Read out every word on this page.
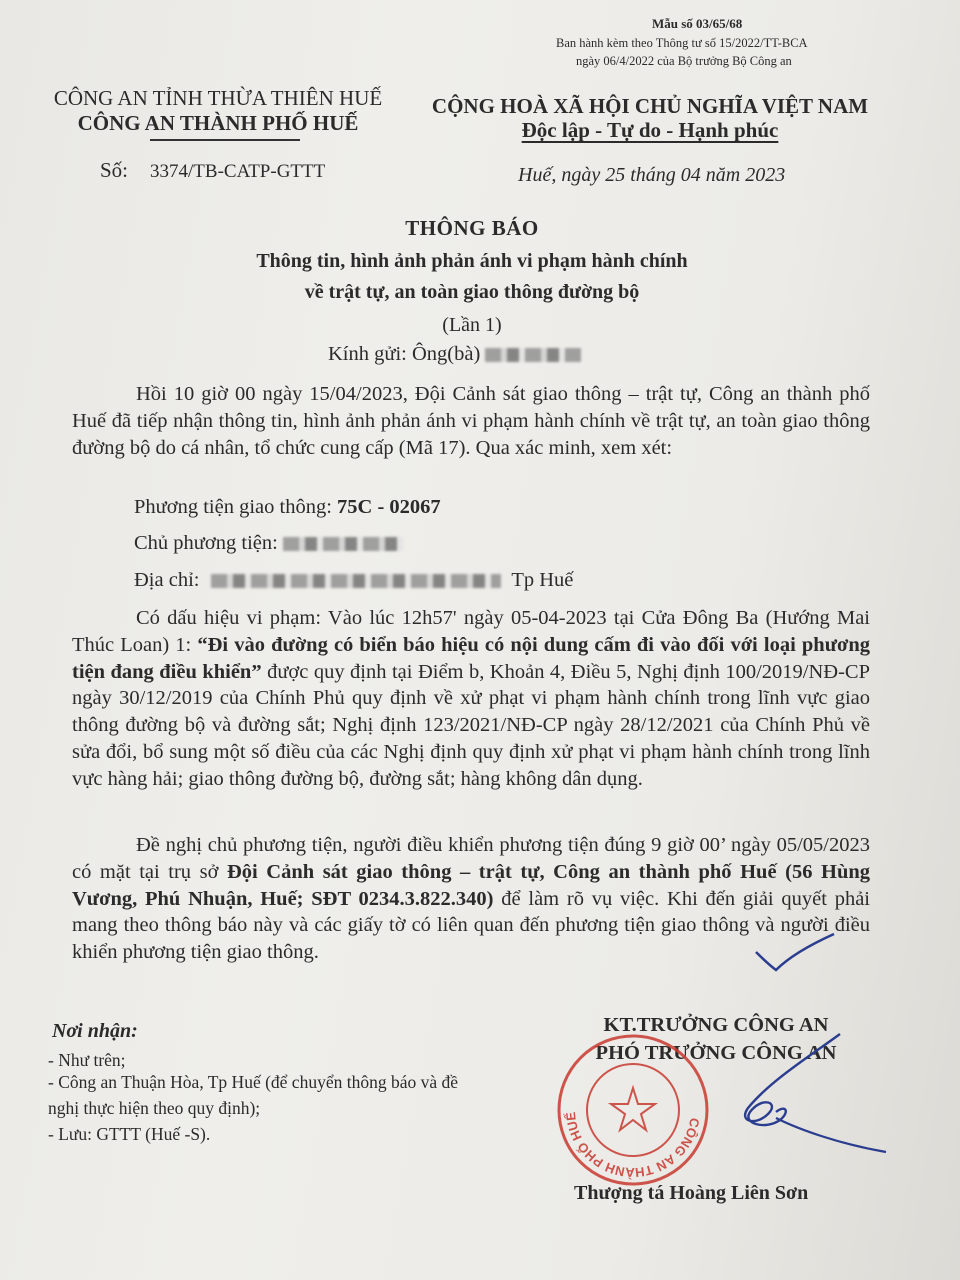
Mẫu số 03/65/68
Ban hành kèm theo Thông tư số 15/2022/TT-BCA
ngày 06/4/2022 của Bộ trưởng Bộ Công an
CÔNG AN TỈNH THỪA THIÊN HUẾ
CÔNG AN THÀNH PHỐ HUẾ
CỘNG HOÀ XÃ HỘI CHỦ NGHĨA VIỆT NAM
Độc lập - Tự do - Hạnh phúc
Số: 3374/TB-CATP-GTTT	Huế, ngày 25 tháng 04 năm 2023
THÔNG BÁO
Thông tin, hình ảnh phản ánh vi phạm hành chính
về trật tự, an toàn giao thông đường bộ
(Lần 1)
Kính gửi: Ông(bà)
Hồi 10 giờ 00 ngày 15/04/2023, Đội Cảnh sát giao thông – trật tự, Công an thành phố Huế đã tiếp nhận thông tin, hình ảnh phản ánh vi phạm hành chính về trật tự, an toàn giao thông đường bộ do cá nhân, tổ chức cung cấp (Mã 17). Qua xác minh, xem xét:
Phương tiện giao thông: 75C - 02067
Chủ phương tiện:
Địa chỉ:	Tp Huế
Có dấu hiệu vi phạm: Vào lúc 12h57' ngày 05-04-2023 tại Cửa Đông Ba (Hướng Mai Thúc Loan) 1: “Đi vào đường có biển báo hiệu có nội dung cấm đi vào đối với loại phương tiện đang điều khiển” được quy định tại Điểm b, Khoản 4, Điều 5, Nghị định 100/2019/NĐ-CP ngày 30/12/2019 của Chính Phủ quy định về xử phạt vi phạm hành chính trong lĩnh vực giao thông đường bộ và đường sắt; Nghị định 123/2021/NĐ-CP ngày 28/12/2021 của Chính Phủ về sửa đổi, bổ sung một số điều của các Nghị định quy định xử phạt vi phạm hành chính trong lĩnh vực hàng hải; giao thông đường bộ, đường sắt; hàng không dân dụng.
Đề nghị chủ phương tiện, người điều khiển phương tiện đúng 9 giờ 00’ ngày 05/05/2023 có mặt tại trụ sở Đội Cảnh sát giao thông – trật tự, Công an thành phố Huế (56 Hùng Vương, Phú Nhuận, Huế; SĐT 0234.3.822.340) để làm rõ vụ việc. Khi đến giải quyết phải mang theo thông báo này và các giấy tờ có liên quan đến phương tiện giao thông và người điều khiển phương tiện giao thông.
Nơi nhận:
- Như trên;
- Công an Thuận Hòa, Tp Huế (để chuyển thông báo và đề nghị thực hiện theo quy định);
- Lưu: GTTT (Huế -S).
KT.TRƯỞNG CÔNG AN
PHÓ TRƯỞNG CÔNG AN
CÔNG AN THÀNH PHỐ HUẾ
Thượng tá Hoàng Liên Sơn
